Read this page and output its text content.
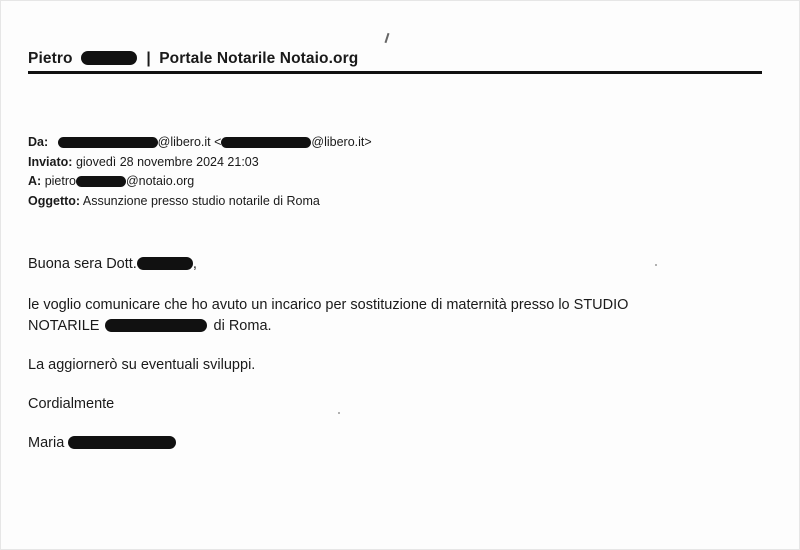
Pietro	| Portale Notarile Notaio.org
Da:	@libero.it <	@libero.it>
Inviato: giovedì 28 novembre 2024 21:03
A: pietro	@notaio.org
Oggetto: Assunzione presso studio notarile di Roma

Buona sera Dott.	,

le voglio comunicare che ho avuto un incarico per sostituzione di maternità presso lo STUDIO
NOTARILE	di Roma.

La aggiornerò su eventuali sviluppi.

Cordialmente

Maria
